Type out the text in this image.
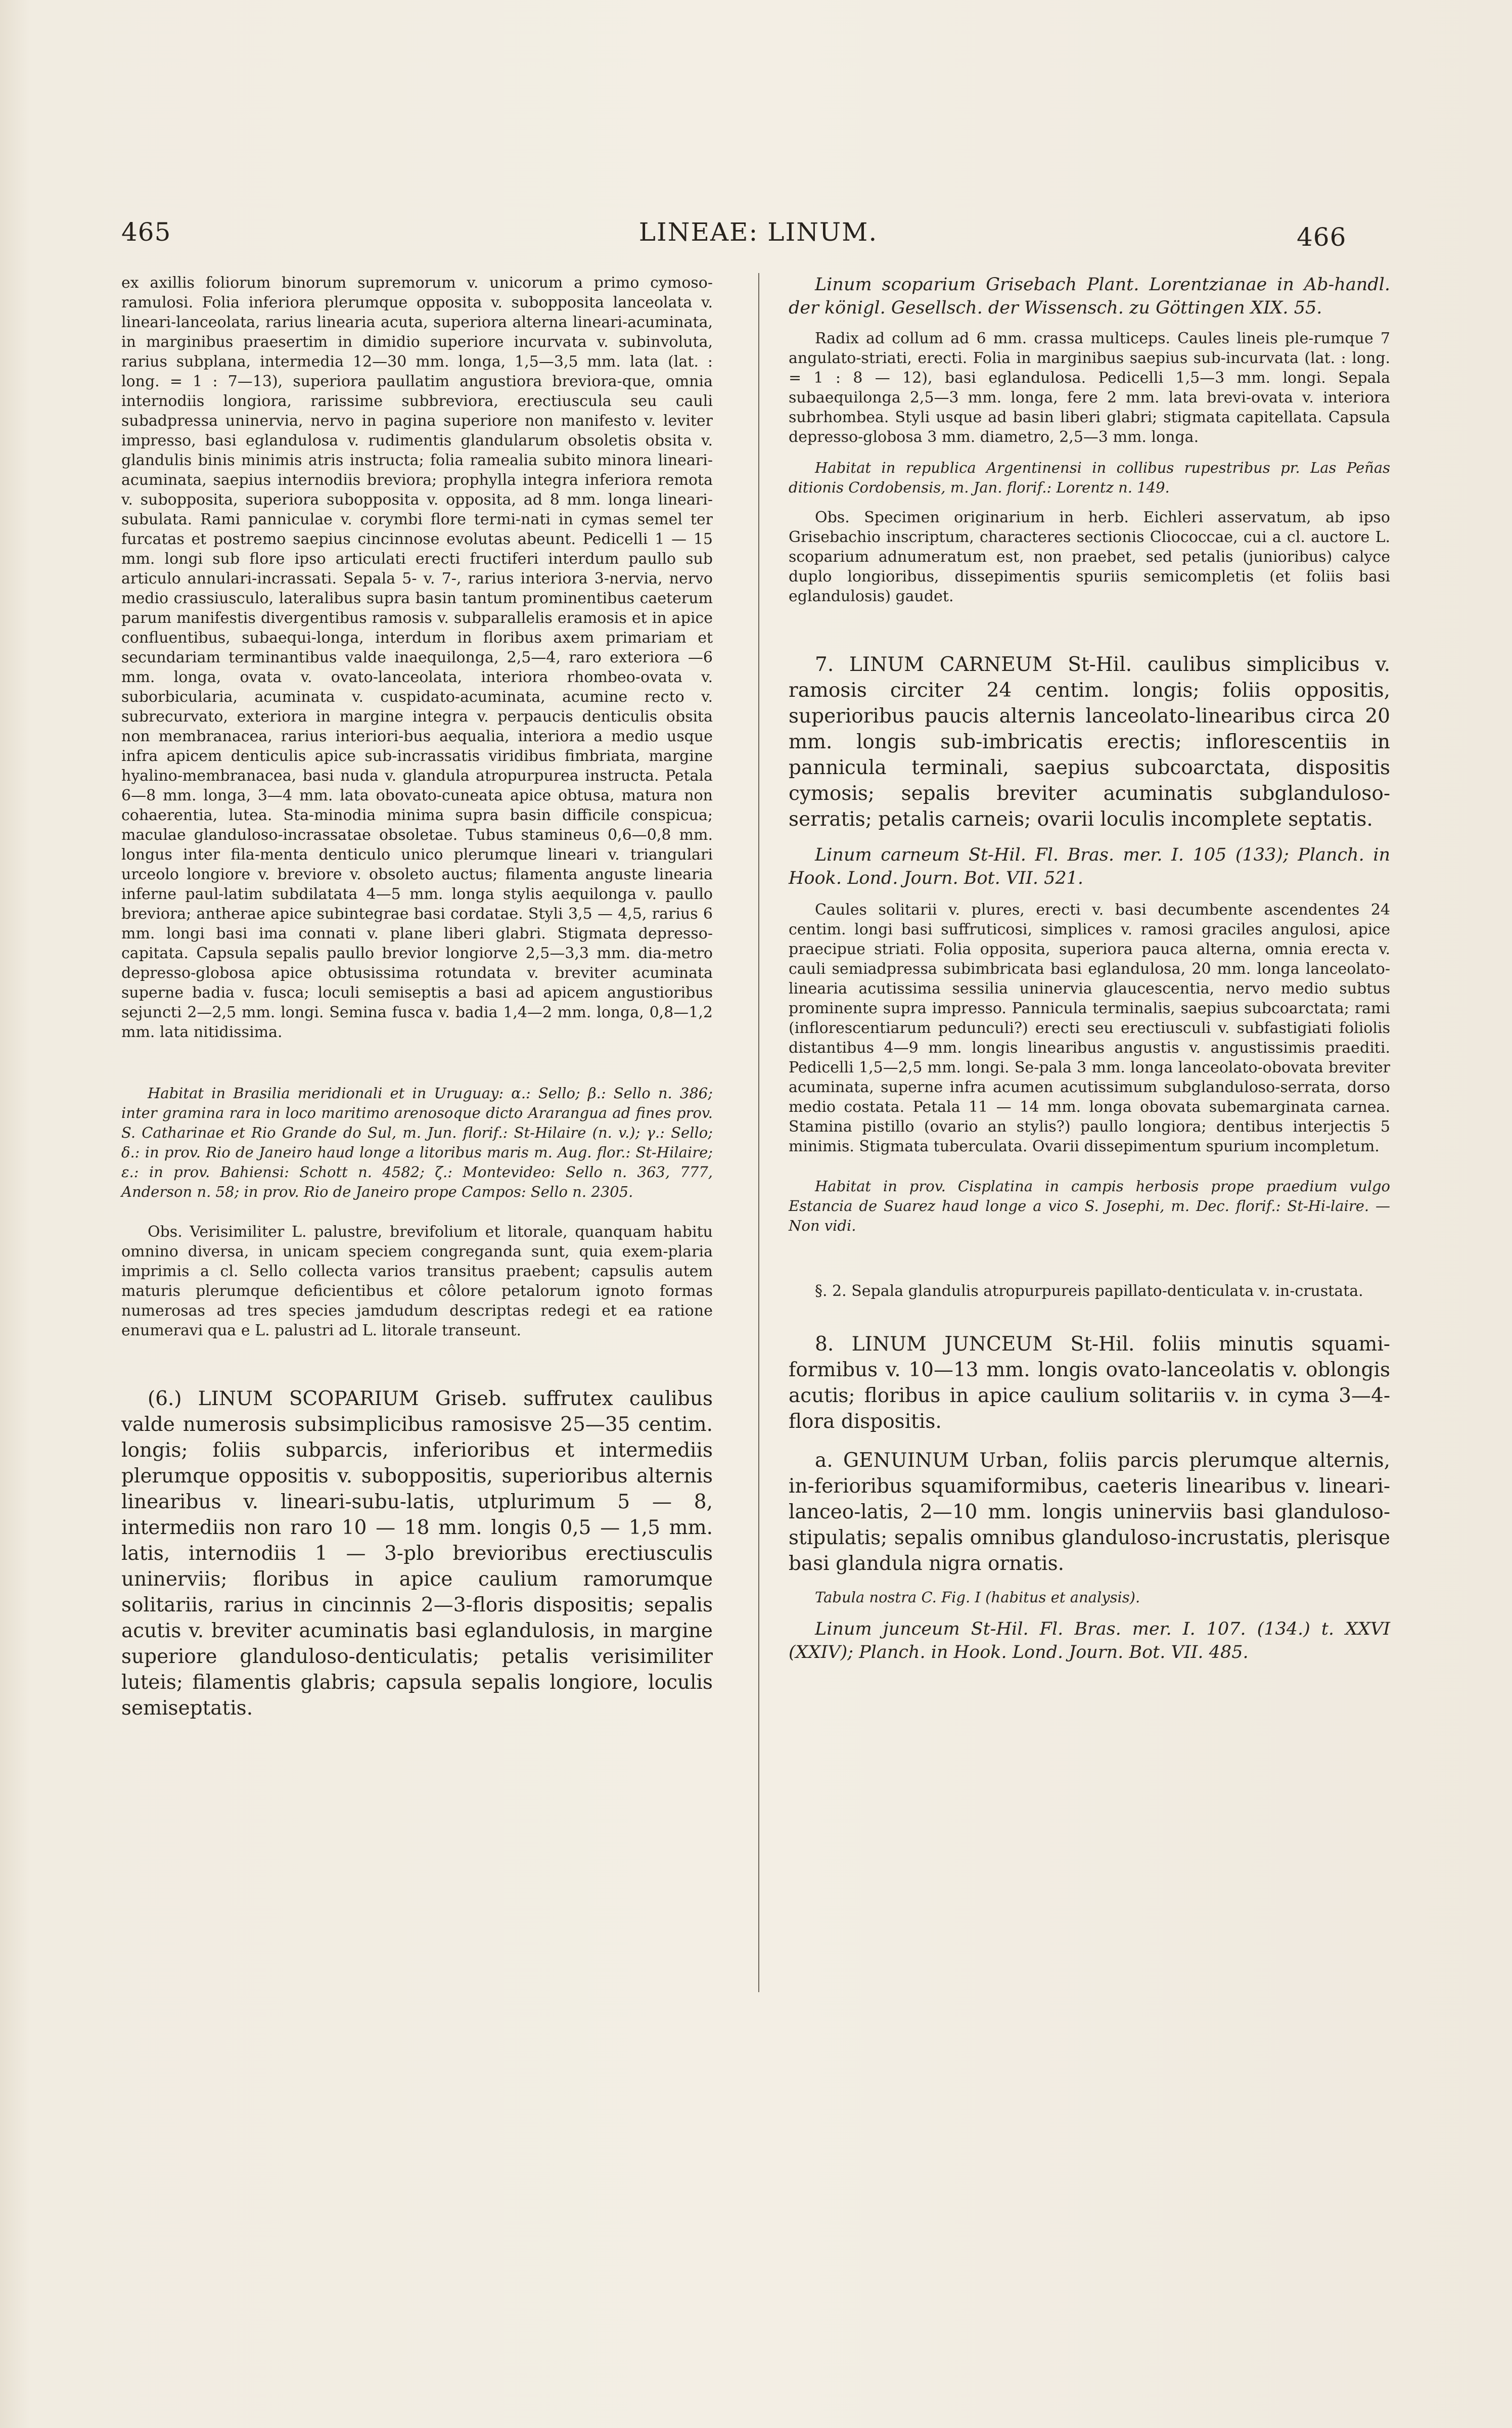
465	LINEAE: LINUM.	466

ex axillis foliorum binorum supremorum v. unicorum a primo cymoso-ramulosi. Folia inferiora plerumque opposita v. subopposita lanceolata v. lineari-lanceolata, rarius linearia acuta, superiora alterna lineari-acuminata, in marginibus praesertim in dimidio superiore incurvata v. subinvoluta, rarius subplana, intermedia 12—30 mm. longa, 1,5—3,5 mm. lata (lat. : long. = 1 : 7—13), superiora paullatim angustiora breviora-que, omnia internodiis longiora, rarissime subbreviora, erectiuscula seu cauli subadpressa uninervia, nervo in pagina superiore non manifesto v. leviter impresso, basi eglandulosa v. rudimentis glandularum obsoletis obsita v. glandulis binis minimis atris instructa; folia ramealia subito minora lineari-acuminata, saepius internodiis breviora; prophylla integra inferiora remota v. subopposita, superiora subopposita v. opposita, ad 8 mm. longa lineari-subulata. Rami panniculae v. corymbi flore termi-nati in cymas semel ter furcatas et postremo saepius cincinnose evolutas abeunt. Pedicelli 1 — 15 mm. longi sub flore ipso articulati erecti fructiferi interdum paullo sub articulo annulari-incrassati. Sepala 5- v. 7-, rarius interiora 3-nervia, nervo medio crassiusculo, lateralibus supra basin tantum prominentibus caeterum parum manifestis divergentibus ramosis v. subparallelis eramosis et in apice confluentibus, subaequi-longa, interdum in floribus axem primariam et secundariam terminantibus valde inaequilonga, 2,5—4, raro exteriora —6 mm. longa, ovata v. ovato-lanceolata, interiora rhombeo-ovata v. suborbicularia, acuminata v. cuspidato-acuminata, acumine recto v. subrecurvato, exteriora in margine integra v. perpaucis denticulis obsita non membranacea, rarius interiori-bus aequalia, interiora a medio usque infra apicem denticulis apice sub-incrassatis viridibus fimbriata, margine hyalino-membranacea, basi nuda v. glandula atropurpurea instructa. Petala 6—8 mm. longa, 3—4 mm. lata obovato-cuneata apice obtusa, matura non cohaerentia, lutea. Sta-minodia minima supra basin difficile conspicua; maculae glanduloso-incrassatae obsoletae. Tubus stamineus 0,6—0,8 mm. longus inter fila-menta denticulo unico plerumque lineari v. triangulari urceolo longiore v. breviore v. obsoleto auctus; filamenta anguste linearia inferne paul-latim subdilatata 4—5 mm. longa stylis aequilonga v. paullo breviora; antherae apice subintegrae basi cordatae. Styli 3,5 — 4,5, rarius 6 mm. longi basi ima connati v. plane liberi glabri. Stigmata depresso-capitata. Capsula sepalis paullo brevior longiorve 2,5—3,3 mm. dia-metro depresso-globosa apice obtusissima rotundata v. breviter acuminata superne badia v. fusca; loculi semiseptis a basi ad apicem angustioribus sejuncti 2—2,5 mm. longi. Semina fusca v. badia 1,4—2 mm. longa, 0,8—1,2 mm. lata nitidissima.

Habitat in Brasilia meridionali et in Uruguay: α.: Sello; β.: Sello n. 386; inter gramina rara in loco maritimo arenosoque dicto Ararangua ad fines prov. S. Catharinae et Rio Grande do Sul, m. Jun. florif.: St-Hilaire (n. v.); γ.: Sello; δ.: in prov. Rio de Janeiro haud longe a litoribus maris m. Aug. flor.: St-Hilaire; ε.: in prov. Bahiensi: Schott n. 4582; ζ.: Montevideo: Sello n. 363, 777, Anderson n. 58; in prov. Rio de Janeiro prope Campos: Sello n. 2305.

Obs. Verisimiliter L. palustre, brevifolium et litorale, quanquam habitu omnino diversa, in unicam speciem congreganda sunt, quia exem-plaria imprimis a cl. Sello collecta varios transitus praebent; capsulis autem maturis plerumque deficientibus et côlore petalorum ignoto formas numerosas ad tres species jamdudum descriptas redegi et ea ratione enumeravi qua e L. palustri ad L. litorale transeunt.

(6.) LINUM SCOPARIUM Griseb. suffrutex caulibus valde numerosis subsimplicibus ramosisve 25—35 centim. longis; foliis subparcis, inferioribus et intermediis plerumque oppositis v. suboppositis, superioribus alternis linearibus v. lineari-subu-latis, utplurimum 5 — 8, intermediis non raro 10 — 18 mm. longis 0,5 — 1,5 mm. latis, internodiis 1 — 3-plo brevioribus erectiusculis uninerviis; floribus in apice caulium ramorumque solitariis, rarius in cincinnis 2—3-floris dispositis; sepalis acutis v. breviter acuminatis basi eglandulosis, in margine superiore glanduloso-denticulatis; petalis verisimiliter luteis; filamentis glabris; capsula sepalis longiore, loculis semiseptatis.

Linum scoparium Grisebach Plant. Lorentzianae in Ab-handl. der königl. Gesellsch. der Wissensch. zu Göttingen XIX. 55.

Radix ad collum ad 6 mm. crassa multiceps. Caules lineis ple-rumque 7 angulato-striati, erecti. Folia in marginibus saepius sub-incurvata (lat. : long. = 1 : 8 — 12), basi eglandulosa. Pedicelli 1,5—3 mm. longi. Sepala subaequilonga 2,5—3 mm. longa, fere 2 mm. lata brevi-ovata v. interiora subrhombea. Styli usque ad basin liberi glabri; stigmata capitellata. Capsula depresso-globosa 3 mm. diametro, 2,5—3 mm. longa.

Habitat in republica Argentinensi in collibus rupestribus pr. Las Peñas ditionis Cordobensis, m. Jan. florif.: Lorentz n. 149.

Obs. Specimen originarium in herb. Eichleri asservatum, ab ipso Grisebachio inscriptum, characteres sectionis Cliococcae, cui a cl. auctore L. scoparium adnumeratum est, non praebet, sed petalis (junioribus) calyce duplo longioribus, dissepimentis spuriis semicompletis (et foliis basi eglandulosis) gaudet.

7. LINUM CARNEUM St-Hil. caulibus simplicibus v. ramosis circiter 24 centim. longis; foliis oppositis, superioribus paucis alternis lanceolato-linearibus circa 20 mm. longis sub-imbricatis erectis; inflorescentiis in pannicula terminali, saepius subcoarctata, dispositis cymosis; sepalis breviter acuminatis subglanduloso-serratis; petalis carneis; ovarii loculis incomplete septatis.

Linum carneum St-Hil. Fl. Bras. mer. I. 105 (133); Planch. in Hook. Lond. Journ. Bot. VII. 521.

Caules solitarii v. plures, erecti v. basi decumbente ascendentes 24 centim. longi basi suffruticosi, simplices v. ramosi graciles angulosi, apice praecipue striati. Folia opposita, superiora pauca alterna, omnia erecta v. cauli semiadpressa subimbricata basi eglandulosa, 20 mm. longa lanceolato-linearia acutissima sessilia uninervia glaucescentia, nervo medio subtus prominente supra impresso. Pannicula terminalis, saepius subcoarctata; rami (inflorescentiarum pedunculi?) erecti seu erectiusculi v. subfastigiati foliolis distantibus 4—9 mm. longis linearibus angustis v. angustissimis praediti. Pedicelli 1,5—2,5 mm. longi. Se-pala 3 mm. longa lanceolato-obovata breviter acuminata, superne infra acumen acutissimum subglanduloso-serrata, dorso medio costata. Petala 11 — 14 mm. longa obovata subemarginata carnea. Stamina pistillo (ovario an stylis?) paullo longiora; dentibus interjectis 5 minimis. Stigmata tuberculata. Ovarii dissepimentum spurium incompletum.

Habitat in prov. Cisplatina in campis herbosis prope praedium vulgo Estancia de Suarez haud longe a vico S. Josephi, m. Dec. florif.: St-Hi-laire. — Non vidi.

§. 2. Sepala glandulis atropurpureis papillato-denticulata v. in-crustata.

8. LINUM JUNCEUM St-Hil. foliis minutis squami-formibus v. 10—13 mm. longis ovato-lanceolatis v. oblongis acutis; floribus in apice caulium solitariis v. in cyma 3—4-flora dispositis.

a. GENUINUM Urban, foliis parcis plerumque alternis, in-ferioribus squamiformibus, caeteris linearibus v. lineari-lanceo-latis, 2—10 mm. longis uninerviis basi glanduloso-stipulatis; sepalis omnibus glanduloso-incrustatis, plerisque basi glandula nigra ornatis.

Tabula nostra C. Fig. I (habitus et analysis).

Linum junceum St-Hil. Fl. Bras. mer. I. 107. (134.) t. XXVI (XXIV); Planch. in Hook. Lond. Journ. Bot. VII. 485.
